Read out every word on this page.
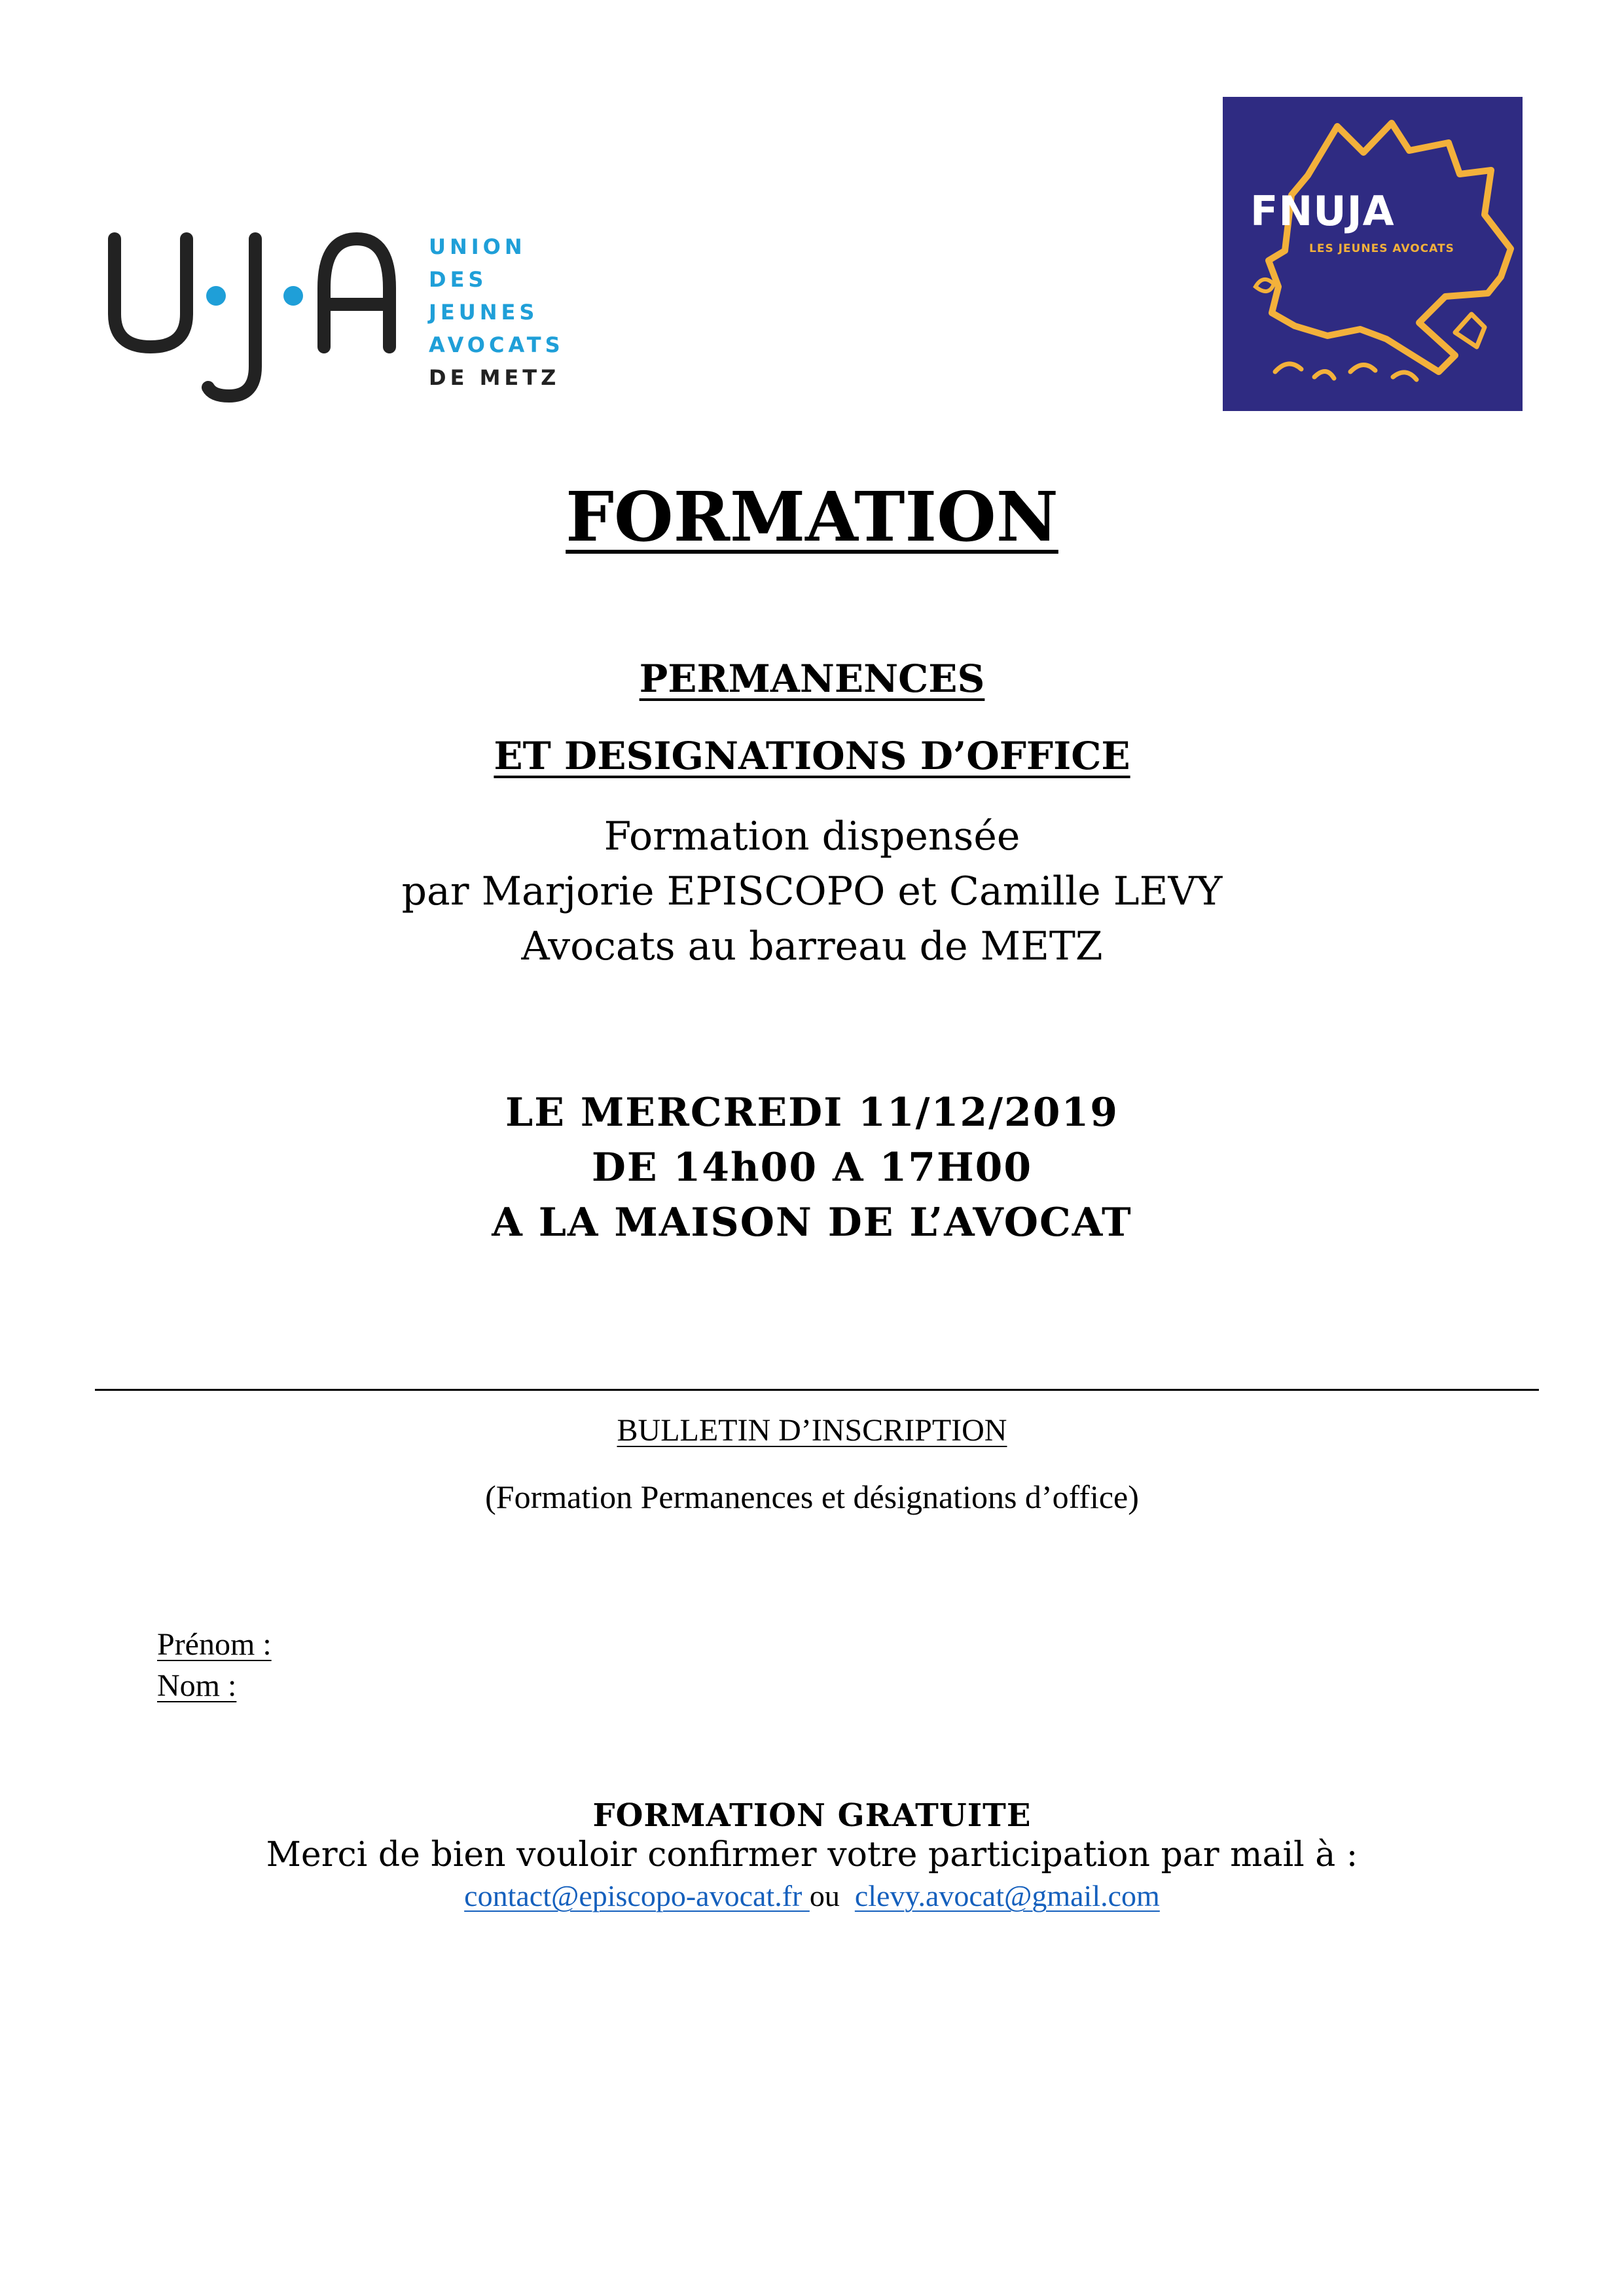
UNION
DES JEUNES
AVOCATS
DE METZ
FNUJA
LES JEUNES AVOCATS
FORMATION
PERMANENCES
ET DESIGNATIONS D’OFFICE
Formation dispensée
par Marjorie EPISCOPO et Camille LEVY
Avocats au barreau de METZ
LE MERCREDI 11/12/2019
DE 14h00 A 17H00
A LA MAISON DE L’AVOCAT
BULLETIN D’INSCRIPTION
(Formation Permanences et désignations d’office)
Prénom :
Nom :
FORMATION GRATUITE
Merci de bien vouloir confirmer votre participation par mail à :
contact@episcopo-avocat.fr ou clevy.avocat@gmail.com
